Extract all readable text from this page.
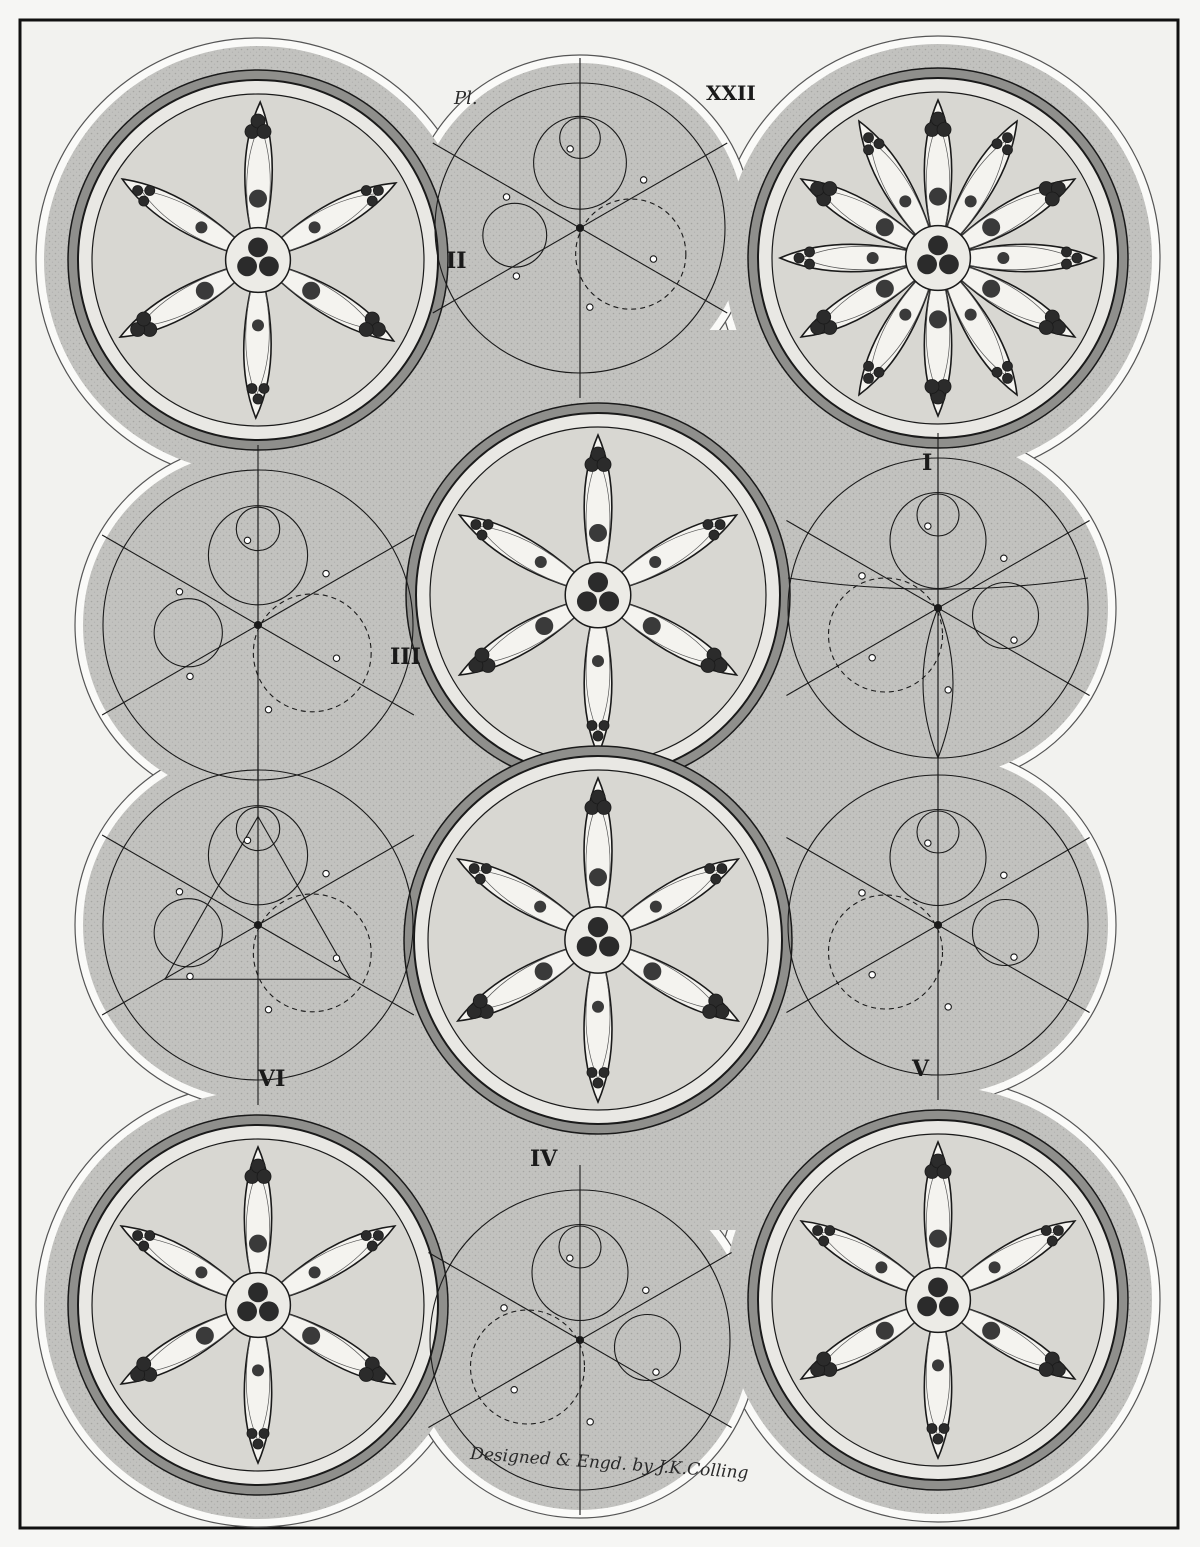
II
I
III
VI	V
IV
XXII
Pl.
Designed & Engd. by J.K.Colling
